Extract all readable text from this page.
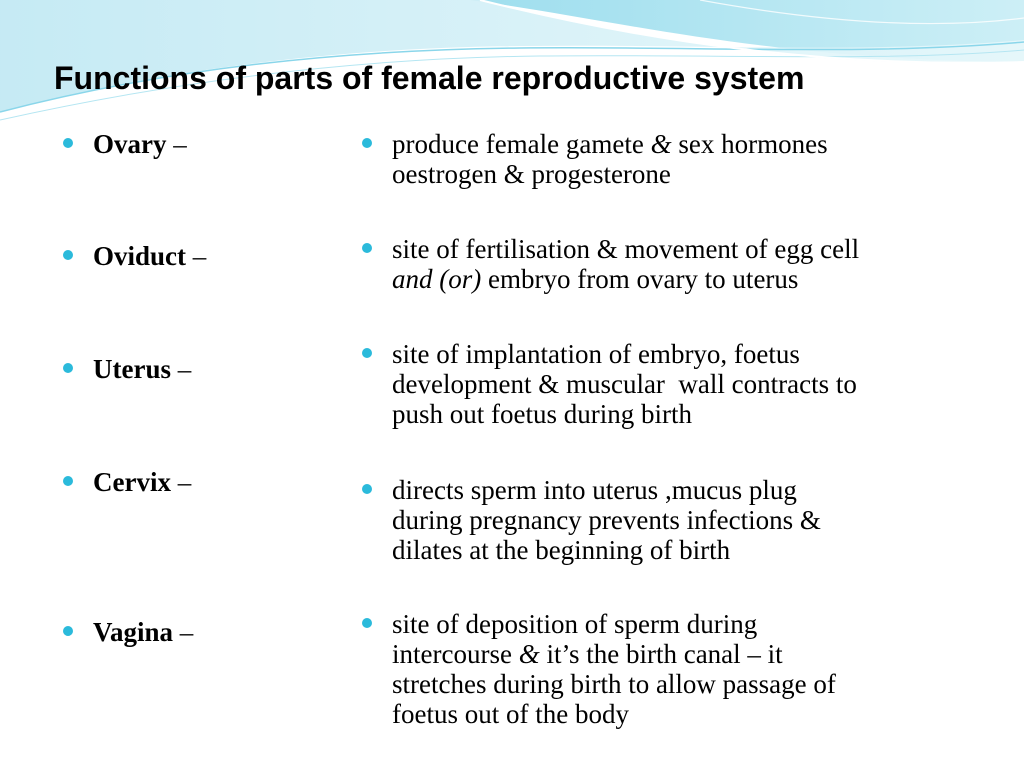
Functions of parts of female reproductive system
Ovary –	produce female gamete & sex hormones
oestrogen & progesterone
Oviduct –	site of fertilisation & movement of egg cell
and (or) embryo from ovary to uterus
Uterus –	site of implantation of embryo, foetus
development & muscular  wall contracts to
push out foetus during birth
Cervix –	directs sperm into uterus ,mucus plug
during pregnancy prevents infections &
dilates at the beginning of birth
Vagina –	site of deposition of sperm during
intercourse & it’s the birth canal – it
stretches during birth to allow passage of
foetus out of the body
